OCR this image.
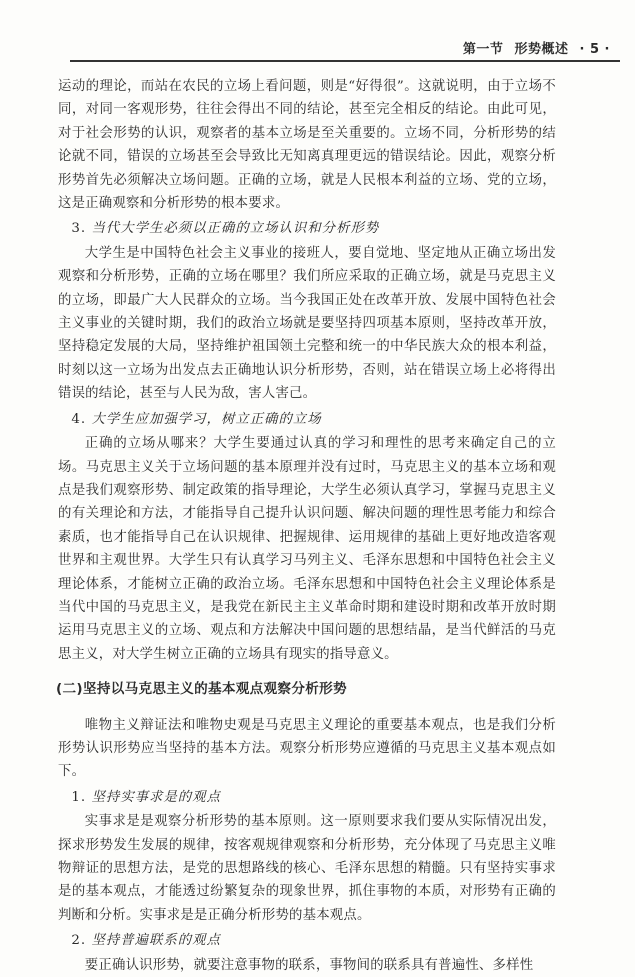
第一节 形势概述 · 5 ·

运动的理论，而站在农民的立场上看问题，则是“好得很”。这就说明，由于立场不同，对同一客观形势，往往会得出不同的结论，甚至完全相反的结论。由此可见，对于社会形势的认识，观察者的基本立场是至关重要的。立场不同，分析形势的结论就不同，错误的立场甚至会导致比无知离真理更远的错误结论。因此，观察分析形势首先必须解决立场问题。正确的立场，就是人民根本利益的立场、党的立场，这是正确观察和分析形势的根本要求。

3. 当代大学生必须以正确的立场认识和分析形势

大学生是中国特色社会主义事业的接班人，要自觉地、坚定地从正确立场出发观察和分析形势，正确的立场在哪里？我们所应采取的正确立场，就是马克思主义的立场，即最广大人民群众的立场。当今我国正处在改革开放、发展中国特色社会主义事业的关键时期，我们的政治立场就是要坚持四项基本原则，坚持改革开放，坚持稳定发展的大局，坚持维护祖国领土完整和统一的中华民族大众的根本利益，时刻以这一立场为出发点去正确地认识分析形势，否则，站在错误立场上必将得出错误的结论，甚至与人民为敌，害人害己。

4. 大学生应加强学习，树立正确的立场

正确的立场从哪来？大学生要通过认真的学习和理性的思考来确定自己的立场。马克思主义关于立场问题的基本原理并没有过时，马克思主义的基本立场和观点是我们观察形势、制定政策的指导理论，大学生必须认真学习，掌握马克思主义的有关理论和方法，才能指导自己提升认识问题、解决问题的理性思考能力和综合素质，也才能指导自己在认识规律、把握规律、运用规律的基础上更好地改造客观世界和主观世界。大学生只有认真学习马列主义、毛泽东思想和中国特色社会主义理论体系，才能树立正确的政治立场。毛泽东思想和中国特色社会主义理论体系是当代中国的马克思主义，是我党在新民主主义革命时期和建设时期和改革开放时期运用马克思主义的立场、观点和方法解决中国问题的思想结晶，是当代鲜活的马克思主义，对大学生树立正确的立场具有现实的指导意义。

(二)坚持以马克思主义的基本观点观察分析形势

唯物主义辩证法和唯物史观是马克思主义理论的重要基本观点，也是我们分析形势认识形势应当坚持的基本方法。观察分析形势应遵循的马克思主义基本观点如下。

1. 坚持实事求是的观点

实事求是是观察分析形势的基本原则。这一原则要求我们要从实际情况出发，探求形势发生发展的规律，按客观规律观察和分析形势，充分体现了马克思主义唯物辩证的思想方法，是党的思想路线的核心、毛泽东思想的精髓。只有坚持实事求是的基本观点，才能透过纷繁复杂的现象世界，抓住事物的本质，对形势有正确的判断和分析。实事求是是正确分析形势的基本观点。

2. 坚持普遍联系的观点

要正确认识形势，就要注意事物的联系，事物间的联系具有普遍性、多样性
